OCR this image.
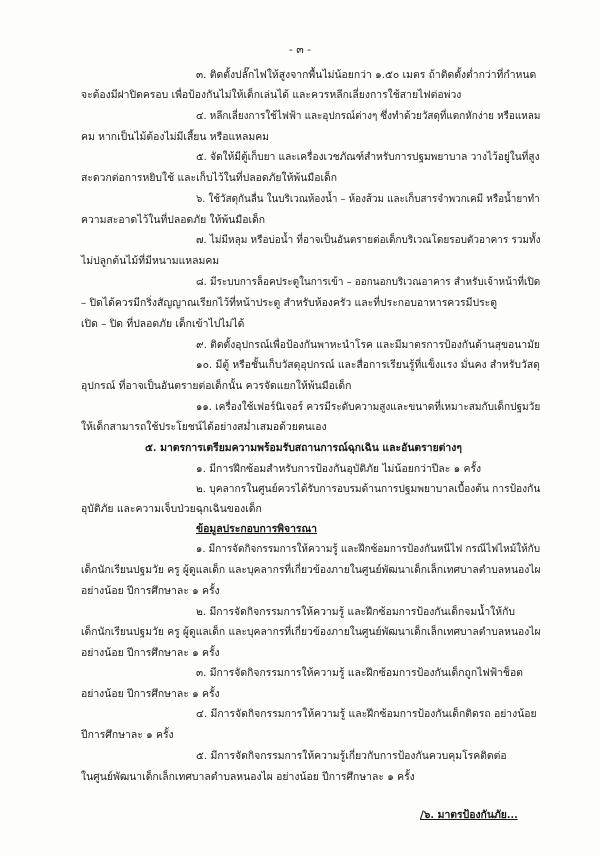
- ๓ -
๓. ติดตั้งปลั๊กไฟให้สูงจากพื้นไม่น้อยกว่า ๑.๕๐ เมตร ถ้าติดตั้งต่ำกว่าที่กำหนด
จะต้องมีฝาปิดครอบ เพื่อป้องกันไม่ให้เด็กเล่นได้ และควรหลีกเลี่ยงการใช้สายไฟต่อพ่วง
๔. หลีกเลี่ยงการใช้ไฟฟ้า และอุปกรณ์ต่างๆ ซึ่งทำด้วยวัสดุที่แตกหักง่าย หรือแหลม
คม หากเป็นไม้ต้องไม่มีเสี้ยน หรือแหลมคม
๕. จัดให้มีตู้เก็บยา และเครื่องเวชภัณฑ์สำหรับการปฐมพยาบาล วางไว้อยู่ในที่สูง
สะดวกต่อการหยิบใช้ และเก็บไว้ในที่ปลอดภัยให้พ้นมือเด็ก
๖. ใช้วัสดุกันลื่น ในบริเวณห้องน้ำ – ห้องส้วม และเก็บสารจำพวกเคมี หรือน้ำยาทำ
ความสะอาดไว้ในที่ปลอดภัย ให้พ้นมือเด็ก
๗. ไม่มีหลุม หรือบ่อน้ำ ที่อาจเป็นอันตรายต่อเด็กบริเวณโดยรอบตัวอาคาร รวมทั้ง
ไม่ปลูกต้นไม้ที่มีหนามแหลมคม
๘. มีระบบการล็อคประตูในการเข้า – ออกนอกบริเวณอาคาร สำหรับเจ้าหน้าที่เปิด
– ปิดได้ควรมีกริ่งสัญญาณเรียกไว้ที่หน้าประตู สำหรับห้องครัว และที่ประกอบอาหารควรมีประตู
เปิด – ปิด ที่ปลอดภัย เด็กเข้าไปไม่ได้
๙. ติดตั้งอุปกรณ์เพื่อป้องกันพาหะนำโรค และมีมาตรการป้องกันด้านสุขอนามัย
๑๐. มีตู้ หรือชั้นเก็บวัสดุอุปกรณ์ และสื่อการเรียนรู้ที่แข็งแรง มั่นคง สำหรับวัสดุ
อุปกรณ์ ที่อาจเป็นอันตรายต่อเด็กนั้น ควรจัดแยกให้พ้นมือเด็ก
๑๑. เครื่องใช้เฟอร์นิเจอร์ ควรมีระดับความสูงและขนาดที่เหมาะสมกับเด็กปฐมวัย
ให้เด็กสามารถใช้ประโยชน์ได้อย่างสม่ำเสมอด้วยตนเอง
๕. มาตรการเตรียมความพร้อมรับสถานการณ์ฉุกเฉิน และอันตรายต่างๆ
๑. มีการฝึกซ้อมสำหรับการป้องกันอุบัติภัย ไม่น้อยกว่าปีละ ๑ ครั้ง
๒. บุคลากรในศูนย์ควรได้รับการอบรมด้านการปฐมพยาบาลเบื้องต้น การป้องกัน
อุบัติภัย และความเจ็บป่วยฉุกเฉินของเด็ก
ข้อมูลประกอบการพิจารณา
๑. มีการจัดกิจกรรมการให้ความรู้ และฝึกซ้อมการป้องกันหนีไฟ กรณีไฟไหม้ให้กับ
เด็กนักเรียนปฐมวัย ครู ผู้ดูแลเด็ก และบุคลากรที่เกี่ยวข้องภายในศูนย์พัฒนาเด็กเล็กเทศบาลตำบลหนองไผ
อย่างน้อย ปีการศึกษาละ ๑ ครั้ง
๒. มีการจัดกิจกรรมการให้ความรู้ และฝึกซ้อมการป้องกันเด็กจมน้ำให้กับ
เด็กนักเรียนปฐมวัย ครู ผู้ดูแลเด็ก และบุคลากรที่เกี่ยวข้องภายในศูนย์พัฒนาเด็กเล็กเทศบาลตำบลหนองไผ
อย่างน้อย ปีการศึกษาละ ๑ ครั้ง
๓. มีการจัดกิจกรรมการให้ความรู้ และฝึกซ้อมการป้องกันเด็กถูกไฟฟ้าช็อต
อย่างน้อย ปีการศึกษาละ ๑ ครั้ง
๔. มีการจัดกิจกรรมการให้ความรู้ และฝึกซ้อมการป้องกันเด็กติดรถ อย่างน้อย
ปีการศึกษาละ ๑ ครั้ง
๕. มีการจัดกิจกรรมการให้ความรู้เกี่ยวกับการป้องกันควบคุมโรคติดต่อ
ในศูนย์พัฒนาเด็กเล็กเทศบาลตำบลหนองไผ อย่างน้อย ปีการศึกษาละ ๑ ครั้ง
/๖. มาตรป้องกันภัย...
